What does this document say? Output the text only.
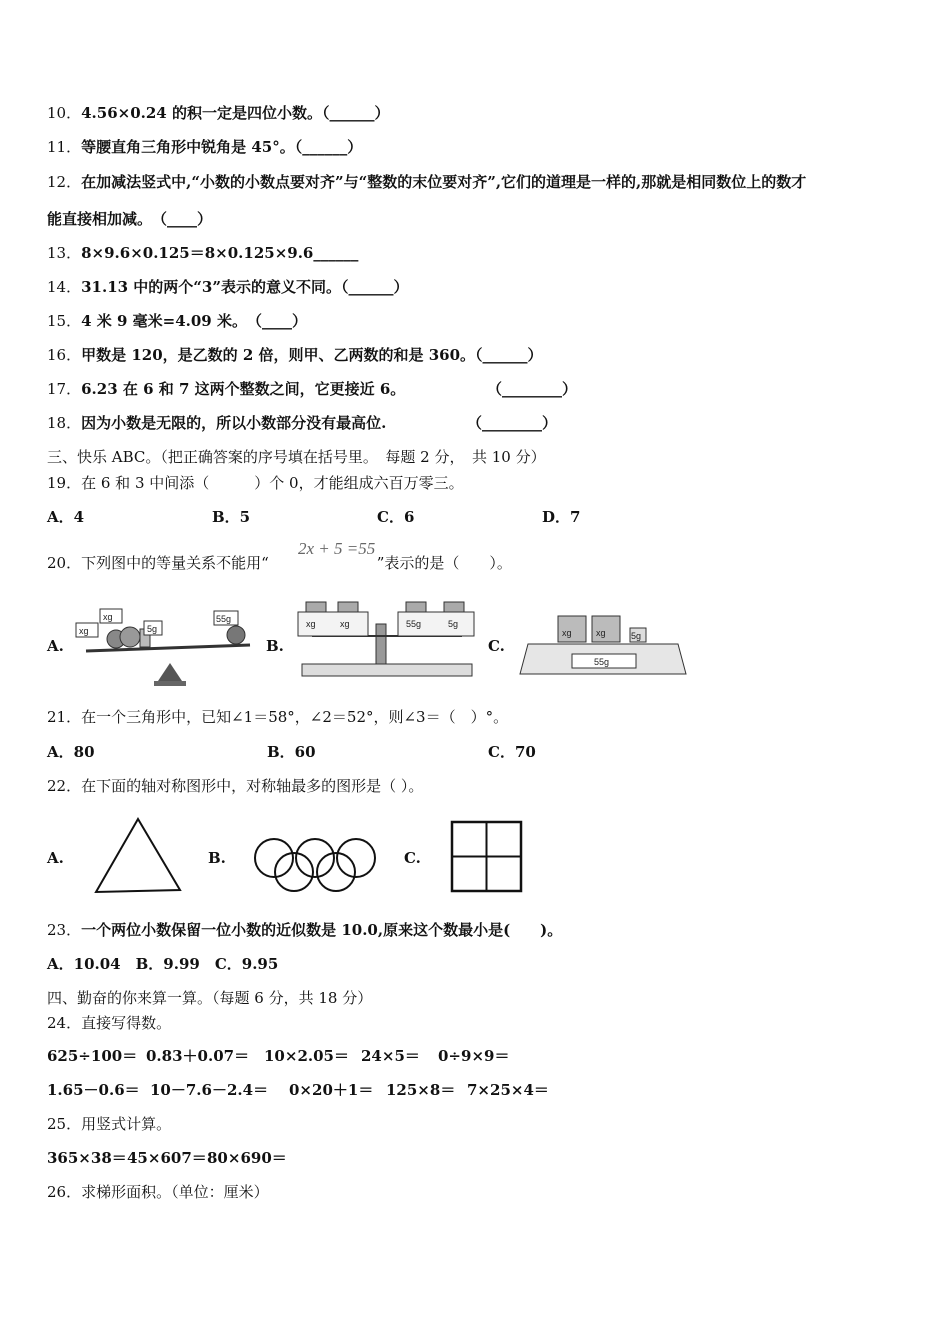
10．4.56×0.24 的积一定是四位小数。（______）
11．等腰直角三角形中锐角是 45°。（______）
12．在加减法竖式中,“小数的小数点要对齐”与“整数的末位要对齐”,它们的道理是一样的,那就是相同数位上的数才
能直接相加减。　（____）
13．8×9.6×0.125＝8×0.125×9.6______
14．31.13 中的两个“3”表示的意义不同。（______）
15．4 米 9 毫米=4.09 米。　（____）
16．甲数是 120，是乙数的 2 倍，则甲、乙两数的和是 360。（______）
17．6.23 在 6 和 7 这两个整数之间，它更接近 6。	（________）
18．因为小数是无限的，所以小数部分没有最高位.	（________）
三、快乐 ABC。（把正确答案的序号填在括号里。　每题 2 分，　共 10 分）
19．在 6 和 3 中间添（　　　）个 0，才能组成六百万零三。
A．4	B．5	C．6	D．7
20．下列图中的等量关系不能用“	”表示的是（　　）。
2x + 5 =55
A.	B.	C.
xg
xg
5g
55g	xg	xg	55g	5g
55g
xg	xg	5g
21．在一个三角形中，已知∠1＝58°，∠2＝52°，则∠3＝（　）°。
A．80	B．60	C．70
22．在下面的轴对称图形中，对称轴最多的图形是（ ）。
A.	B.	C.
23．一个两位小数保留一位小数的近似数是 10.0,原来这个数最小是(　　)。
A．10.04　B．9.99　C．9.95
四、勤奋的你来算一算。（每题 6 分，共 18 分）
24．直接写得数。
625÷100＝ 0.83＋0.07＝ 10×2.05＝ 24×5＝ 0÷9×9＝
1.65－0.6＝ 10－7.6－2.4＝ 0×20＋1＝ 125×8＝ 7×25×4＝
25．用竖式计算。
365×38＝ 45×607＝ 80×690＝
26．求梯形面积。（单位：厘米）
